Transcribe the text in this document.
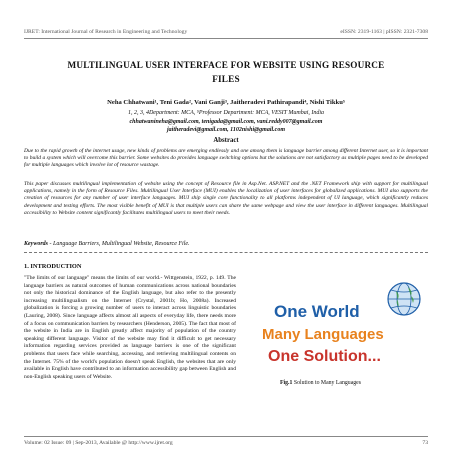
IJRET: International Journal of Research in Engineering and Technology	eISSN: 2319-1163 | pISSN: 2321-7308
MULTILINGUAL USER INTERFACE FOR WEBSITE USING RESOURCE
FILES
Neha Chhatwani¹, Teni Gada², Vani Ganji³, Jaitheradevi Pathirapandi⁴, Nishi Tikku⁵
1, 2, 3, 4Department: MCA, ⁵Professor Department: MCA, VESIT Mumbai, India
chhatwanineha@gmail.com, tenigada@gmail.com, vani.reddy007@gmail.com
jaitheradevi@gmail.com, 1102nishi@gmail.com
Abstract
Due to the rapid growth of the internet usage, new kinds of problems are emerging endlessly and one among them is language barrier among different Internet user, so it is important to build a system which will overcome this barrier. Some websites do provides language switching options but the solutions are not satisfactory as multiple pages need to be developed for multiple languages which involve lot of resource wastage.
This paper discusses multilingual implementation of website using the concept of Resource file in Asp.Net. ASP.NET and the .NET Framework ship with support for multilingual applications, namely in the form of Resource Files. Multilingual User Interface (MUI) enables the localization of user interfaces for globalized applications. MUI also supports the creation of resources for any number of user interface languages. MUI ship single core functionality to all platforms independent of UI language, which significantly reduces development and testing efforts. The most visible benefit of MUI is that multiple users can share the same webpage and view the user interface in different languages. Multilingual accessibility to Website content significantly facilitates multilingual users to meet their needs.
Keywords - Language Barriers, Multilingual Website, Resource File.
1. INTRODUCTION
"The limits of our language" means the limits of our world.- Wittgenstein, 1922, p. 149. The language barriers as natural outcomes of human communications across national boundaries not only the historical dominance of the English language, but also refer to the presently increasing multilingualism on the Internet (Crystal, 2001b; Ho, 2008a). Increased globalization is forcing a growing number of users to interact across linguistic boundaries (Lauring, 2008). Since language affects almost all aspects of everyday life, there needs more of a focus on communication barriers by researchers (Henderson, 2005). The fact that most of the website in India are in English greatly affect majority of population of the country speaking different language. Visitor of the website may find it difficult to get necessary information regarding services provided as language barriers is one of the significant problems that users face while searching, accessing, and retrieving multilingual contents on the Internet. 75% of the world's population doesn't speak English, the websites that are only available in English have contributed to an information accessibility gap between English and non-English speaking users of Website.
One World
Many Languages
One Solution...
Fig.1 Solution to Many Languages
Volume: 02 Issue: 09 | Sep-2013, Available @ http://www.ijret.org	73
